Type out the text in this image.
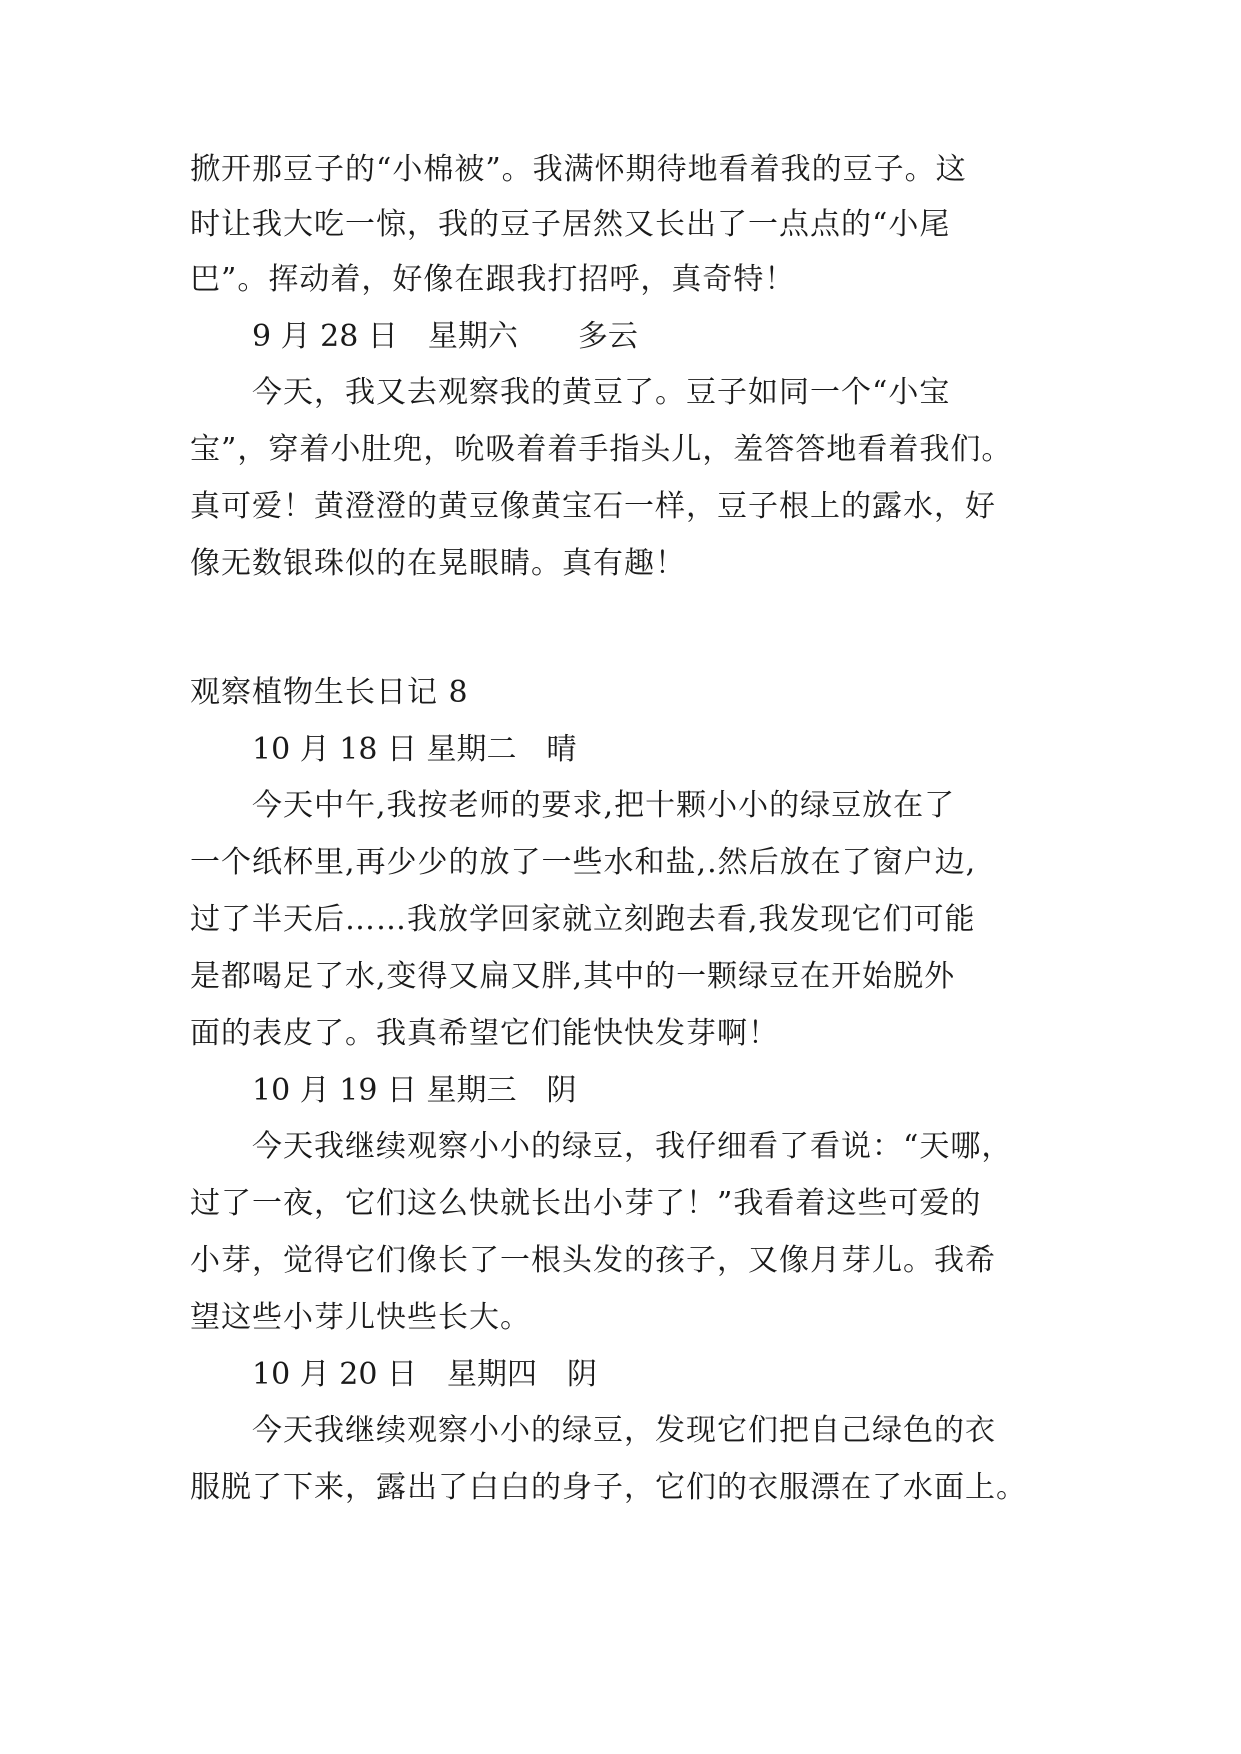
掀开那豆子的“小棉被”。我满怀期待地看着我的豆子。这
时让我大吃一惊，我的豆子居然又长出了一点点的“小尾
巴”。挥动着，好像在跟我打招呼，真奇特！
9 月 28 日　星期六　　多云
今天，我又去观察我的黄豆了。豆子如同一个“小宝
宝”，穿着小肚兜，吮吸着着手指头儿，羞答答地看着我们。
真可爱！黄澄澄的黄豆像黄宝石一样，豆子根上的露水，好
像无数银珠似的在晃眼睛。真有趣！
观察植物生长日记 8
10 月 18 日 星期二　晴
今天中午,我按老师的要求,把十颗小小的绿豆放在了
一个纸杯里,再少少的放了一些水和盐,.然后放在了窗户边,
过了半天后……我放学回家就立刻跑去看,我发现它们可能
是都喝足了水,变得又扁又胖,其中的一颗绿豆在开始脱外
面的表皮了。我真希望它们能快快发芽啊！
10 月 19 日 星期三　阴
今天我继续观察小小的绿豆，我仔细看了看说：“天哪，
过了一夜，它们这么快就长出小芽了！”我看着这些可爱的
小芽，觉得它们像长了一根头发的孩子，又像月芽儿。我希
望这些小芽儿快些长大。
10 月 20 日　星期四　阴
今天我继续观察小小的绿豆，发现它们把自己绿色的衣
服脱了下来，露出了白白的身子，它们的衣服漂在了水面上。
